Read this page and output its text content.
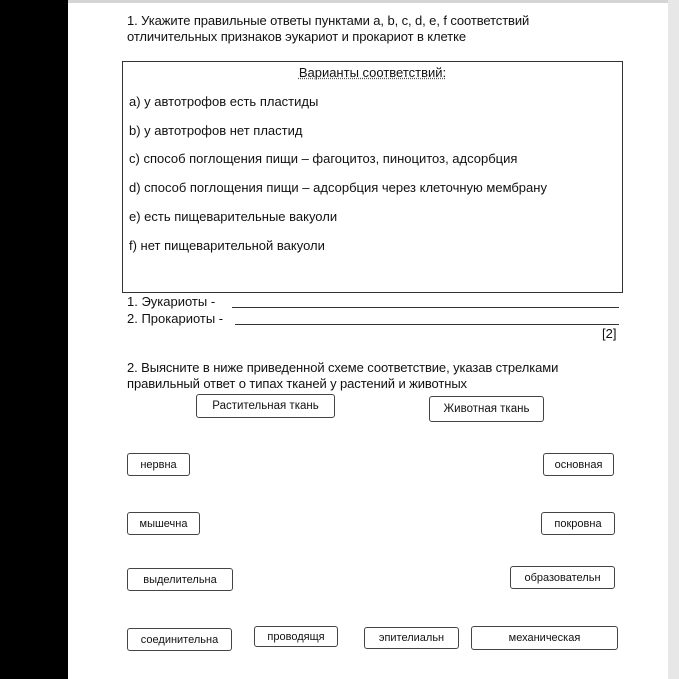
1. Укажите правильные ответы пунктами a, b, c, d, e, f соответствий отличительных признаков эукариот и прокариот в клетке
Варианты соответствий:
a) у автотрофов есть пластиды
b) у автотрофов нет пластид
c) способ поглощения пищи – фагоцитоз, пиноцитоз, адсорбция
d) способ поглощения пищи – адсорбция через клеточную мембрану
e) есть пищеварительные вакуоли
f) нет пищеварительной вакуоли
1. Эукариоты -
2. Прокариоты -
[2]
2. Выясните в ниже приведенной схеме соответствие, указав стрелками правильный ответ о типах тканей у растений и животных
Растительная ткань	Животная ткань
нервна	основная
мышечна	покровна
выделительна	образовательн
соединительна	проводящя	эпителиальн	механическая
